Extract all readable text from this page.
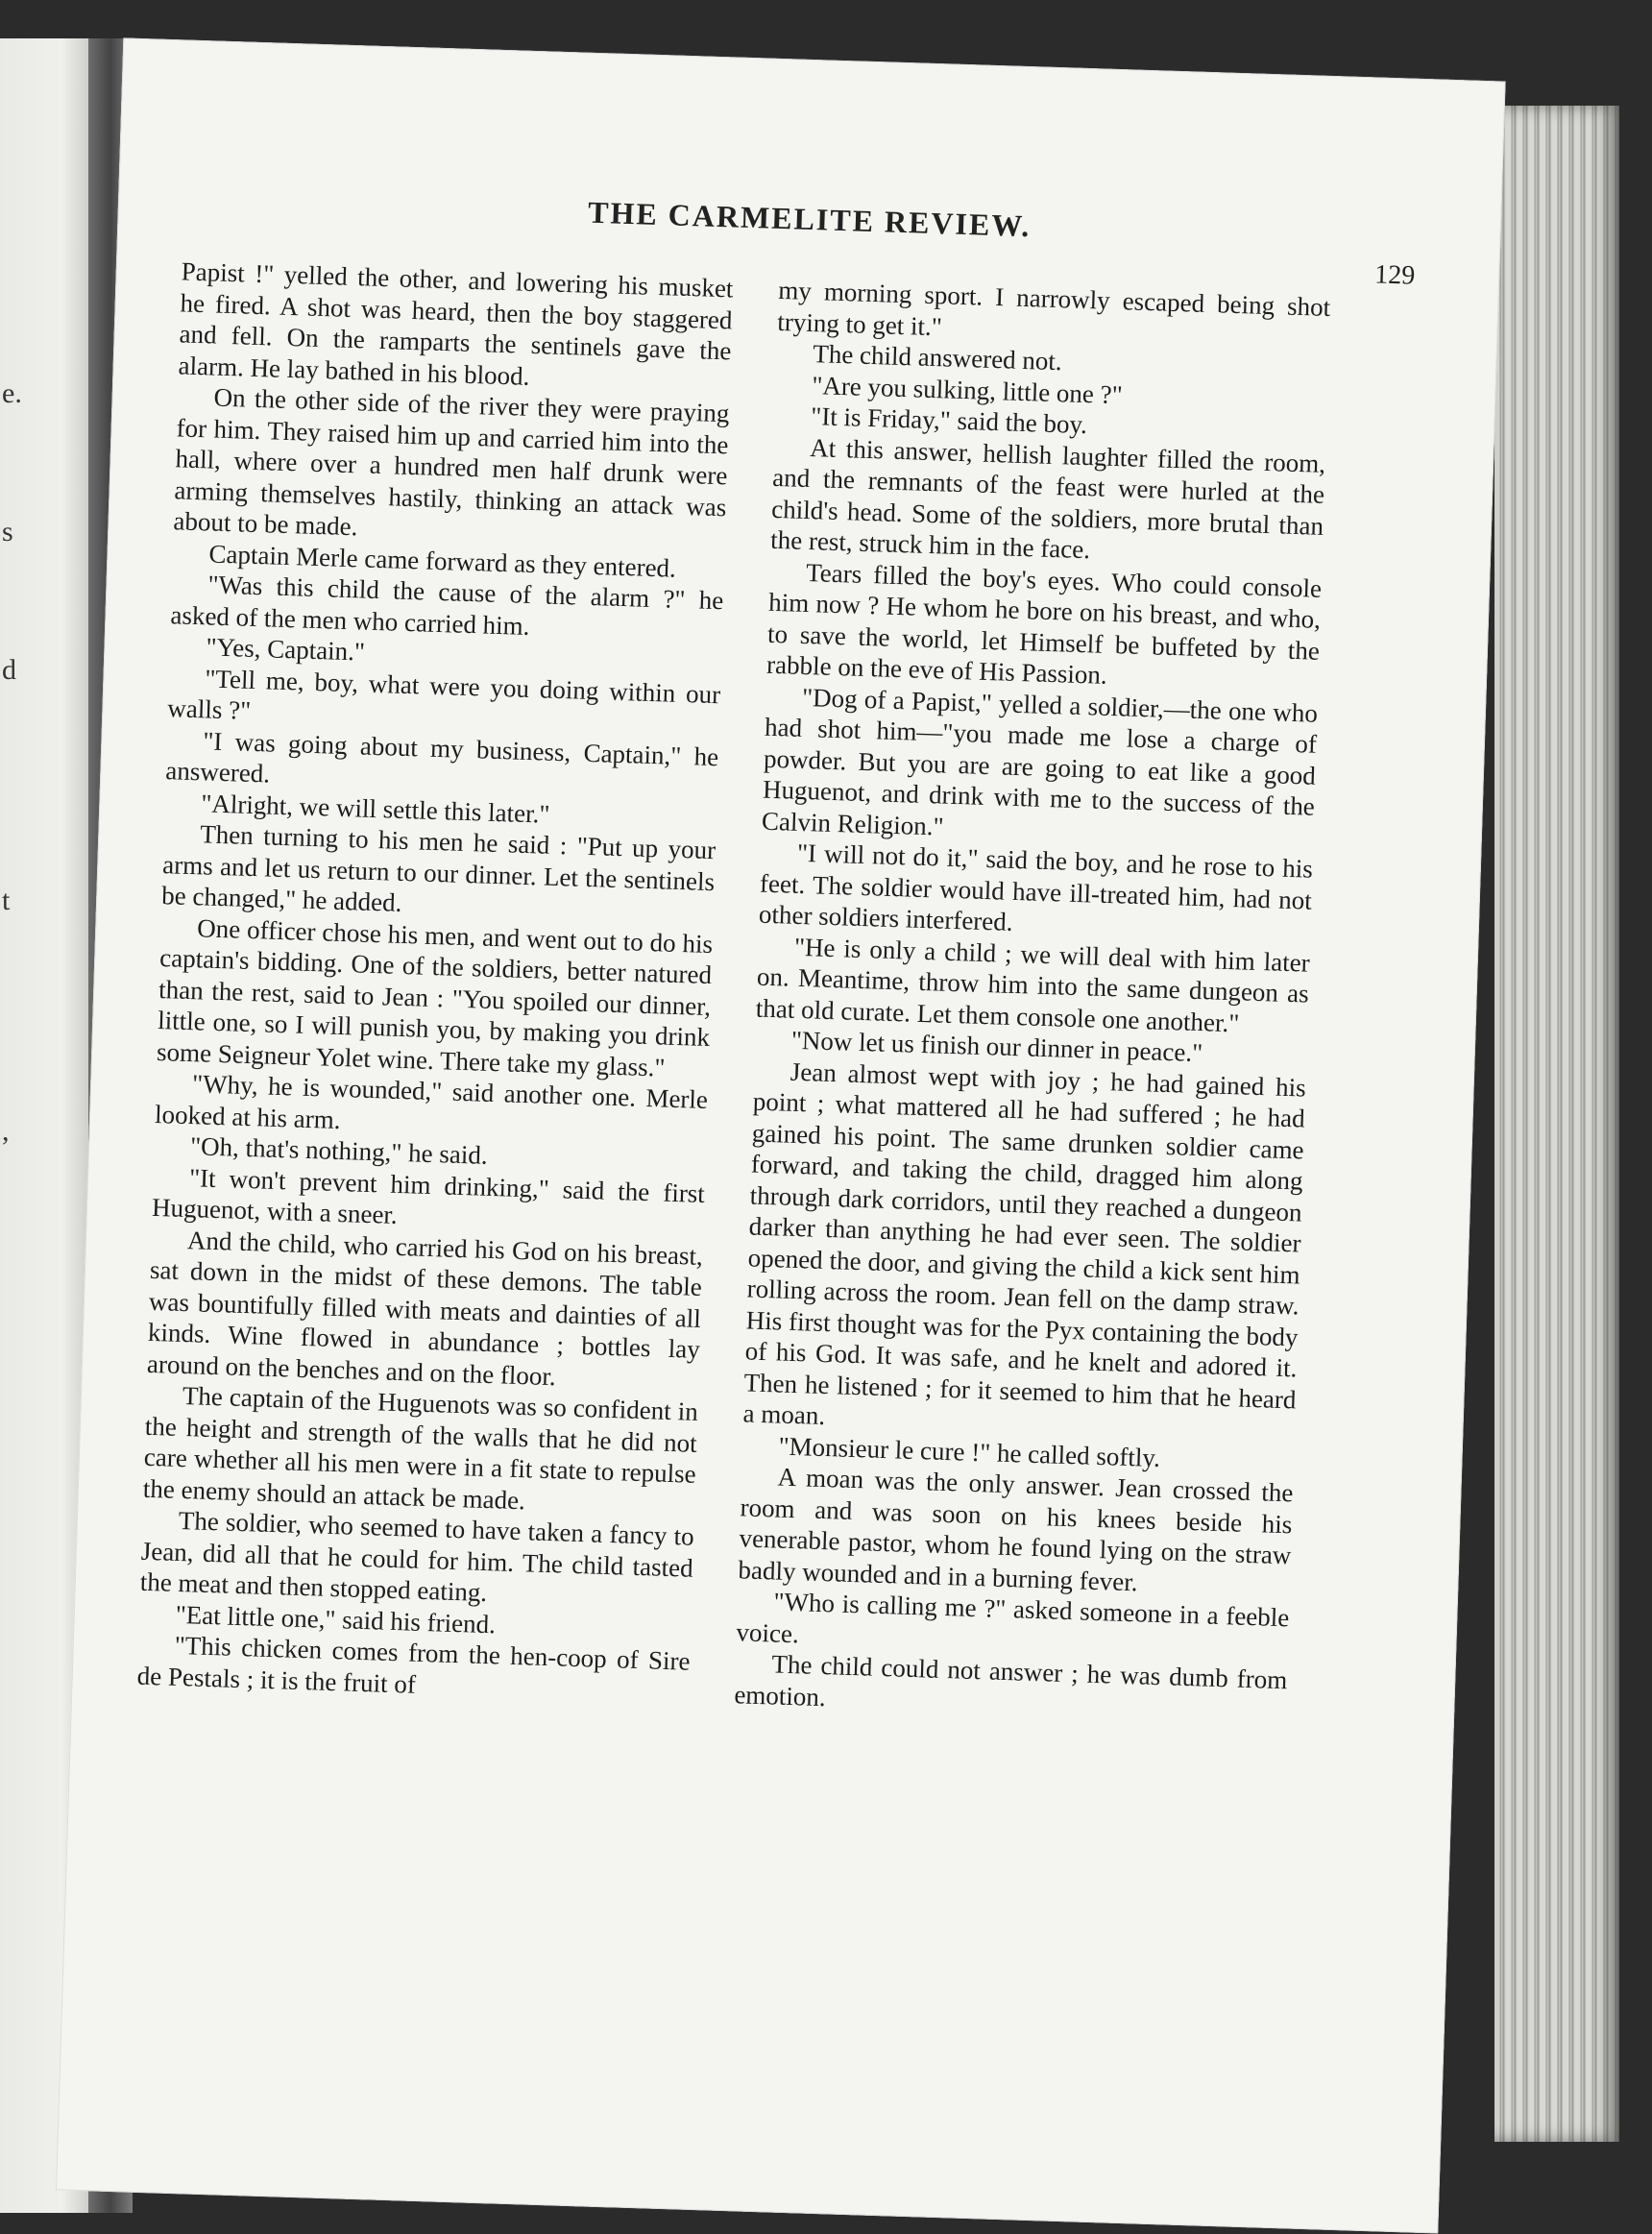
e.

s

d

t

,

THE CARMELITE REVIEW.
129

Papist !" yelled the other, and lowering his musket he fired. A shot was heard, then the boy staggered and fell. On the ramparts the sentinels gave the alarm. He lay bathed in his blood.

On the other side of the river they were praying for him. They raised him up and carried him into the hall, where over a hundred men half drunk were arming themselves hastily, thinking an attack was about to be made.

Captain Merle came forward as they entered.

"Was this child the cause of the alarm ?" he asked of the men who carried him.

"Yes, Captain."

"Tell me, boy, what were you doing within our walls ?"

"I was going about my business, Captain," he answered.

"Alright, we will settle this later."

Then turning to his men he said : "Put up your arms and let us return to our dinner. Let the sentinels be changed," he added.

One officer chose his men, and went out to do his captain's bidding. One of the soldiers, better natured than the rest, said to Jean : "You spoiled our dinner, little one, so I will punish you, by making you drink some Seigneur Yolet wine. There take my glass."

"Why, he is wounded," said another one. Merle looked at his arm.

"Oh, that's nothing," he said.

"It won't prevent him drinking," said the first Huguenot, with a sneer.

And the child, who carried his God on his breast, sat down in the midst of these demons. The table was bountifully filled with meats and dainties of all kinds. Wine flowed in abundance ; bottles lay around on the benches and on the floor.

The captain of the Huguenots was so confident in the height and strength of the walls that he did not care whether all his men were in a fit state to repulse the enemy should an attack be made.

The soldier, who seemed to have taken a fancy to Jean, did all that he could for him. The child tasted the meat and then stopped eating.

"Eat little one," said his friend.

"This chicken comes from the hen-coop of Sire de Pestals ; it is the fruit of

my morning sport. I narrowly escaped being shot trying to get it."

The child answered not.

"Are you sulking, little one ?"

"It is Friday," said the boy.

At this answer, hellish laughter filled the room, and the remnants of the feast were hurled at the child's head. Some of the soldiers, more brutal than the rest, struck him in the face.

Tears filled the boy's eyes. Who could console him now ? He whom he bore on his breast, and who, to save the world, let Himself be buffeted by the rabble on the eve of His Passion.

"Dog of a Papist," yelled a soldier,—the one who had shot him—"you made me lose a charge of powder. But you are are going to eat like a good Huguenot, and drink with me to the success of the Calvin Religion."

"I will not do it," said the boy, and he rose to his feet. The soldier would have ill-treated him, had not other soldiers interfered.

"He is only a child ; we will deal with him later on. Meantime, throw him into the same dungeon as that old curate. Let them console one another."

"Now let us finish our dinner in peace."

Jean almost wept with joy ; he had gained his point ; what mattered all he had suffered ; he had gained his point. The same drunken soldier came forward, and taking the child, dragged him along through dark corridors, until they reached a dungeon darker than anything he had ever seen. The soldier opened the door, and giving the child a kick sent him rolling across the room. Jean fell on the damp straw. His first thought was for the Pyx containing the body of his God. It was safe, and he knelt and adored it. Then he listened ; for it seemed to him that he heard a moan.

"Monsieur le cure !" he called softly.

A moan was the only answer. Jean crossed the room and was soon on his knees beside his venerable pastor, whom he found lying on the straw badly wounded and in a burning fever.

"Who is calling me ?" asked someone in a feeble voice.

The child could not answer ; he was dumb from emotion.
